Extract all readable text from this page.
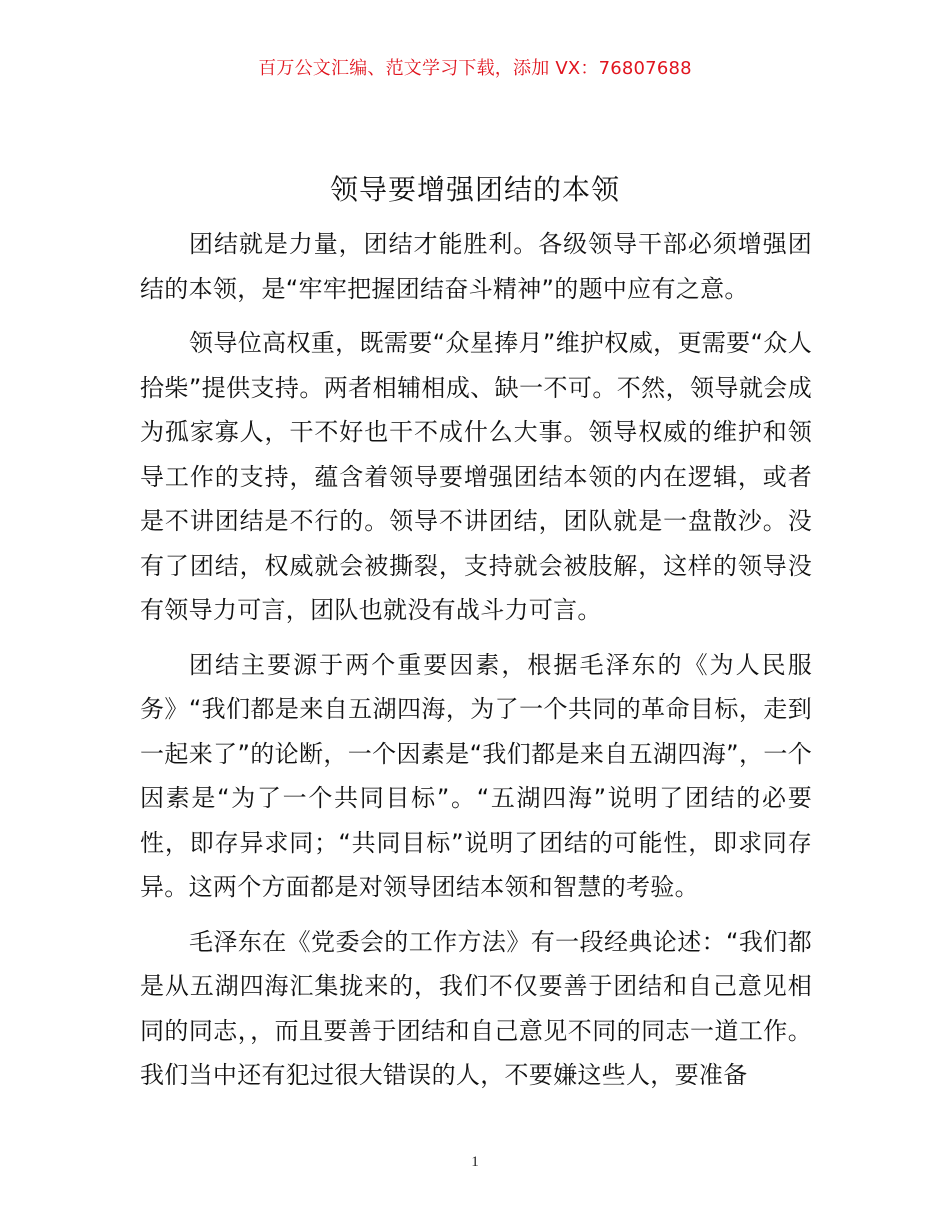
百万公文汇编、范文学习下载，添加 VX：76807688
领导要增强团结的本领

团结就是力量，团结才能胜利。各级领导干部必须增强团结的本领，是“牢牢把握团结奋斗精神”的题中应有之意。

领导位高权重，既需要“众星捧月”维护权威，更需要“众人拾柴”提供支持。两者相辅相成、缺一不可。不然，领导就会成为孤家寡人，干不好也干不成什么大事。领导权威的维护和领导工作的支持，蕴含着领导要增强团结本领的内在逻辑，或者是不讲团结是不行的。领导不讲团结，团队就是一盘散沙。没有了团结，权威就会被撕裂，支持就会被肢解，这样的领导没有领导力可言，团队也就没有战斗力可言。

团结主要源于两个重要因素，根据毛泽东的《为人民服务》“我们都是来自五湖四海，为了一个共同的革命目标，走到一起来了”的论断，一个因素是“我们都是来自五湖四海”，一个因素是“为了一个共同目标”。“五湖四海”说明了团结的必要性，即存异求同；“共同目标”说明了团结的可能性，即求同存异。这两个方面都是对领导团结本领和智慧的考验。

毛泽东在《党委会的工作方法》有一段经典论述：“我们都是从五湖四海汇集拢来的，我们不仅要善于团结和自己意见相同的同志，，而且要善于团结和自己意见不同的同志一道工作。我们当中还有犯过很大错误的人，不要嫌这些人，要准备

1
